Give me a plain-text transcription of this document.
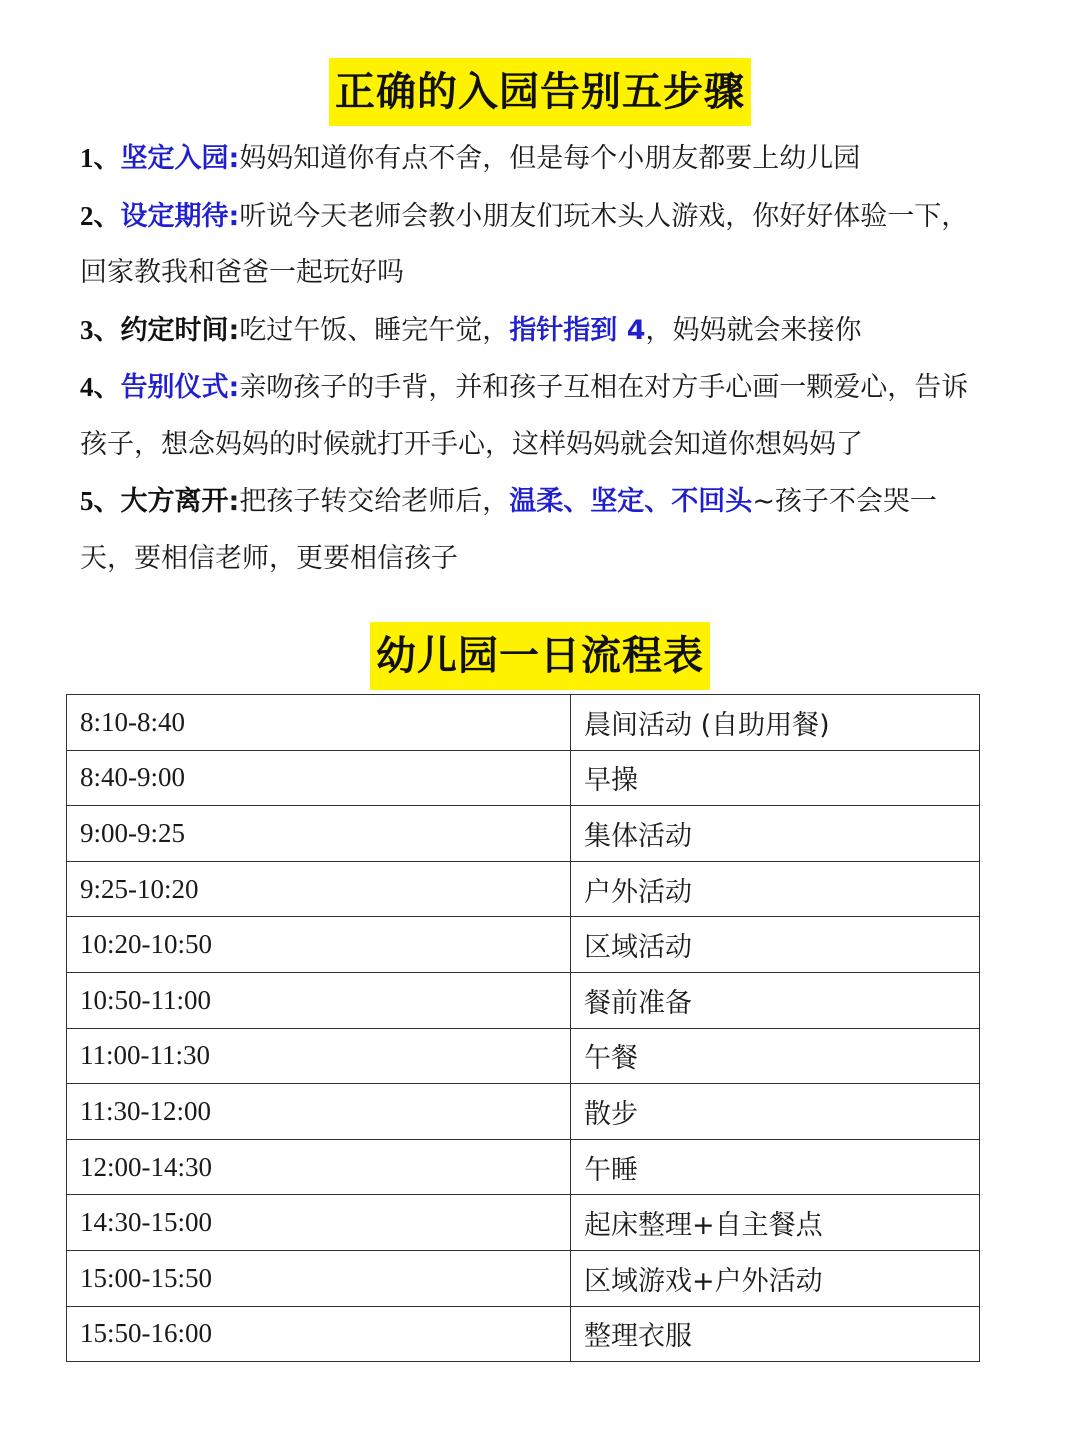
正确的入园告别五步骤

1、坚定入园:妈妈知道你有点不舍，但是每个小朋友都要上幼儿园

2、设定期待:听说今天老师会教小朋友们玩木头人游戏，你好好体验一下，回家教我和爸爸一起玩好吗

3、约定时间:吃过午饭、睡完午觉，指针指到 4，妈妈就会来接你

4、告别仪式:亲吻孩子的手背，并和孩子互相在对方手心画一颗爱心，告诉孩子，想念妈妈的时候就打开手心，这样妈妈就会知道你想妈妈了

5、大方离开:把孩子转交给老师后，温柔、坚定、不回头~孩子不会哭一天，要相信老师，更要相信孩子

幼儿园一日流程表
8:10-8:40	晨间活动 (自助用餐)
8:40-9:00	早操
9:00-9:25	集体活动
9:25-10:20	户外活动
10:20-10:50	区域活动
10:50-11:00	餐前准备
11:00-11:30	午餐
11:30-12:00	散步
12:00-14:30	午睡
14:30-15:00	起床整理+自主餐点
15:00-15:50	区域游戏+户外活动
15:50-16:00	整理衣服
